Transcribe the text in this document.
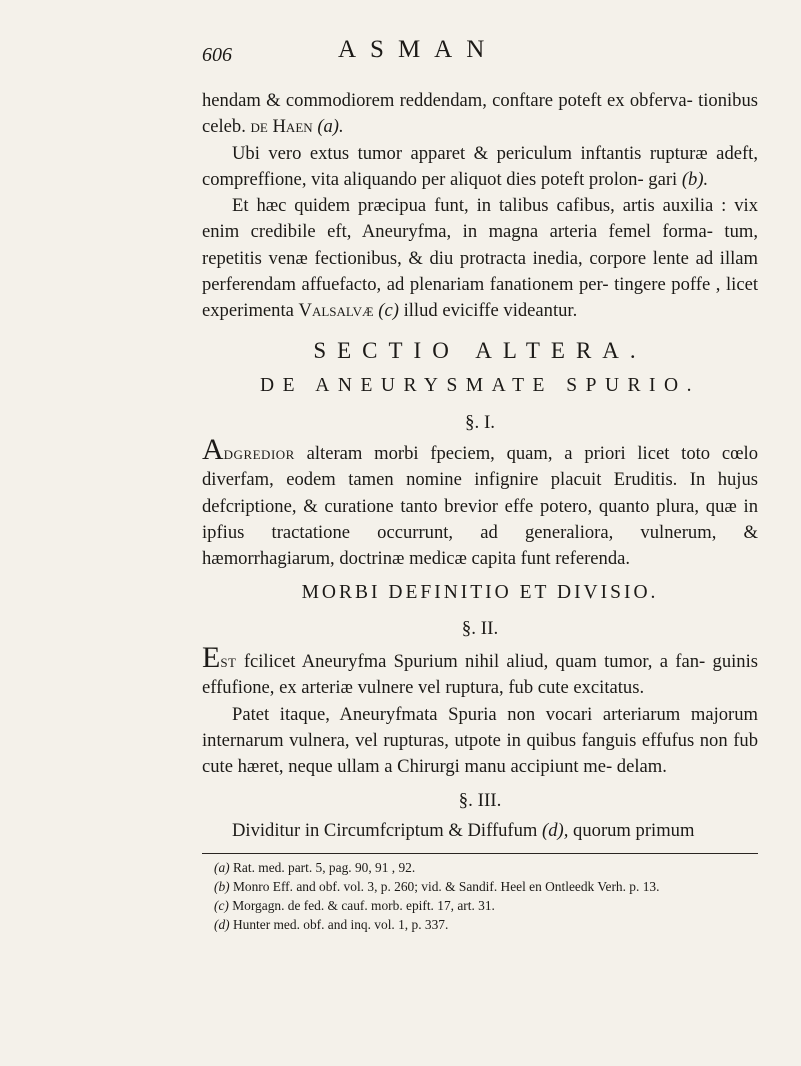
606	ASMAN

hendam & commodiorem reddendam, conftare poteft ex obferva- tionibus celeb. de Haen (a).

Ubi vero extus tumor apparet & periculum inftantis rupturæ adeft, compreffione, vita aliquando per aliquot dies poteft prolon- gari (b).

Et hæc quidem præcipua funt, in talibus cafibus, artis auxilia : vix enim credibile eft, Aneuryfma, in magna arteria femel forma- tum, repetitis venæ fectionibus, & diu protracta inedia, corpore lente ad illam perferendam affuefacto, ad plenariam fanationem per- tingere poffe , licet experimenta Valsalvæ (c) illud eviciffe videantur.

SECTIO ALTERA.
DE ANEURYSMATE SPURIO.
§. I.

Adgredior alteram morbi fpeciem, quam, a priori licet toto cœlo diverfam, eodem tamen nomine infignire placuit Eruditis. In hujus defcriptione, & curatione tanto brevior effe potero, quanto plura, quæ in ipfius tractatione occurrunt, ad generaliora, vulnerum, & hæmorrhagiarum, doctrinæ medicæ capita funt referenda.

MORBI DEFINITIO ET DIVISIO.
§. II.

Est fcilicet Aneuryfma Spurium nihil aliud, quam tumor, a fan- guinis effufione, ex arteriæ vulnere vel ruptura, fub cute excitatus.

Patet itaque, Aneuryfmata Spuria non vocari arteriarum majorum internarum vulnera, vel rupturas, utpote in quibus fanguis effufus non fub cute hæret, neque ullam a Chirurgi manu accipiunt me- delam.

§. III.

Dividitur in Circumfcriptum & Diffufum (d), quorum primum

(a) Rat. med. part. 5, pag. 90, 91 , 92.
(b) Monro Eff. and obf. vol. 3, p. 260; vid. & Sandif. Heel en Ontleedk Verh. p. 13.
(c) Morgagn. de fed. & cauf. morb. epift. 17, art. 31.
(d) Hunter med. obf. and inq. vol. 1, p. 337.
